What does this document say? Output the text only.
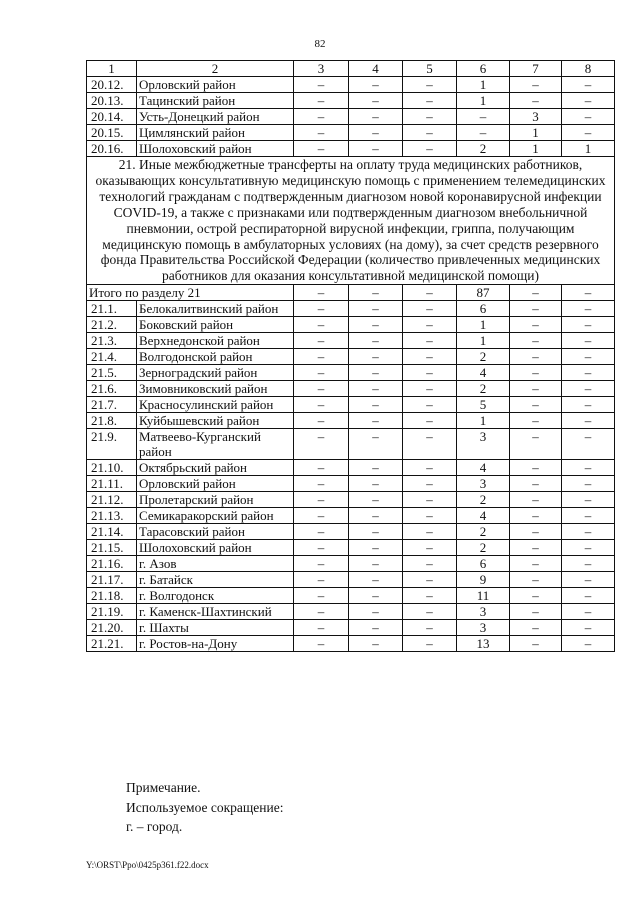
82
1	2	3	4	5	6	7	8
20.12.	Орловский район	–	–	–	1	–	–
20.13.	Тацинский район	–	–	–	1	–	–
20.14.	Усть-Донецкий район	–	–	–	–	3	–
20.15.	Цимлянский район	–	–	–	–	1	–
20.16.	Шолоховский район	–	–	–	2	1	1
21. Иные межбюджетные трансферты на оплату труда медицинских работников, оказывающих консультативную медицинскую помощь с применением телемедицинских технологий гражданам с подтвержденным диагнозом новой коронавирусной инфекции COVID-19, а также с признаками или подтвержденным диагнозом внебольничной пневмонии, острой респираторной вирусной инфекции, гриппа, получающим медицинскую помощь в амбулаторных условиях (на дому), за счет средств резервного фонда Правительства Российской Федерации (количество привлеченных медицинских работников для оказания консультативной медицинской помощи)							
Итого по разделу 21		–	–	–	87	–	–
21.1.	Белокалитвинский район	–	–	–	6	–	–
21.2.	Боковский район	–	–	–	1	–	–
21.3.	Верхнедонской район	–	–	–	1	–	–
21.4.	Волгодонской район	–	–	–	2	–	–
21.5.	Зерноградский район	–	–	–	4	–	–
21.6.	Зимовниковский район	–	–	–	2	–	–
21.7.	Красносулинский район	–	–	–	5	–	–
21.8.	Куйбышевский район	–	–	–	1	–	–
21.9.	Матвеево-Курганский район	–	–	–	3	–	–
21.10.	Октябрьский район	–	–	–	4	–	–
21.11.	Орловский район	–	–	–	3	–	–
21.12.	Пролетарский район	–	–	–	2	–	–
21.13.	Семикаракорский район	–	–	–	4	–	–
21.14.	Тарасовский район	–	–	–	2	–	–
21.15.	Шолоховский район	–	–	–	2	–	–
21.16.	г. Азов	–	–	–	6	–	–
21.17.	г. Батайск	–	–	–	9	–	–
21.18.	г. Волгодонск	–	–	–	11	–	–
21.19.	г. Каменск-Шахтинский	–	–	–	3	–	–
21.20.	г. Шахты	–	–	–	3	–	–
21.21.	г. Ростов-на-Дону	–	–	–	13	–	–
Примечание.
Используемое сокращение:
г. – город.
Y:\ORST\Ppo\0425p361.f22.docx
